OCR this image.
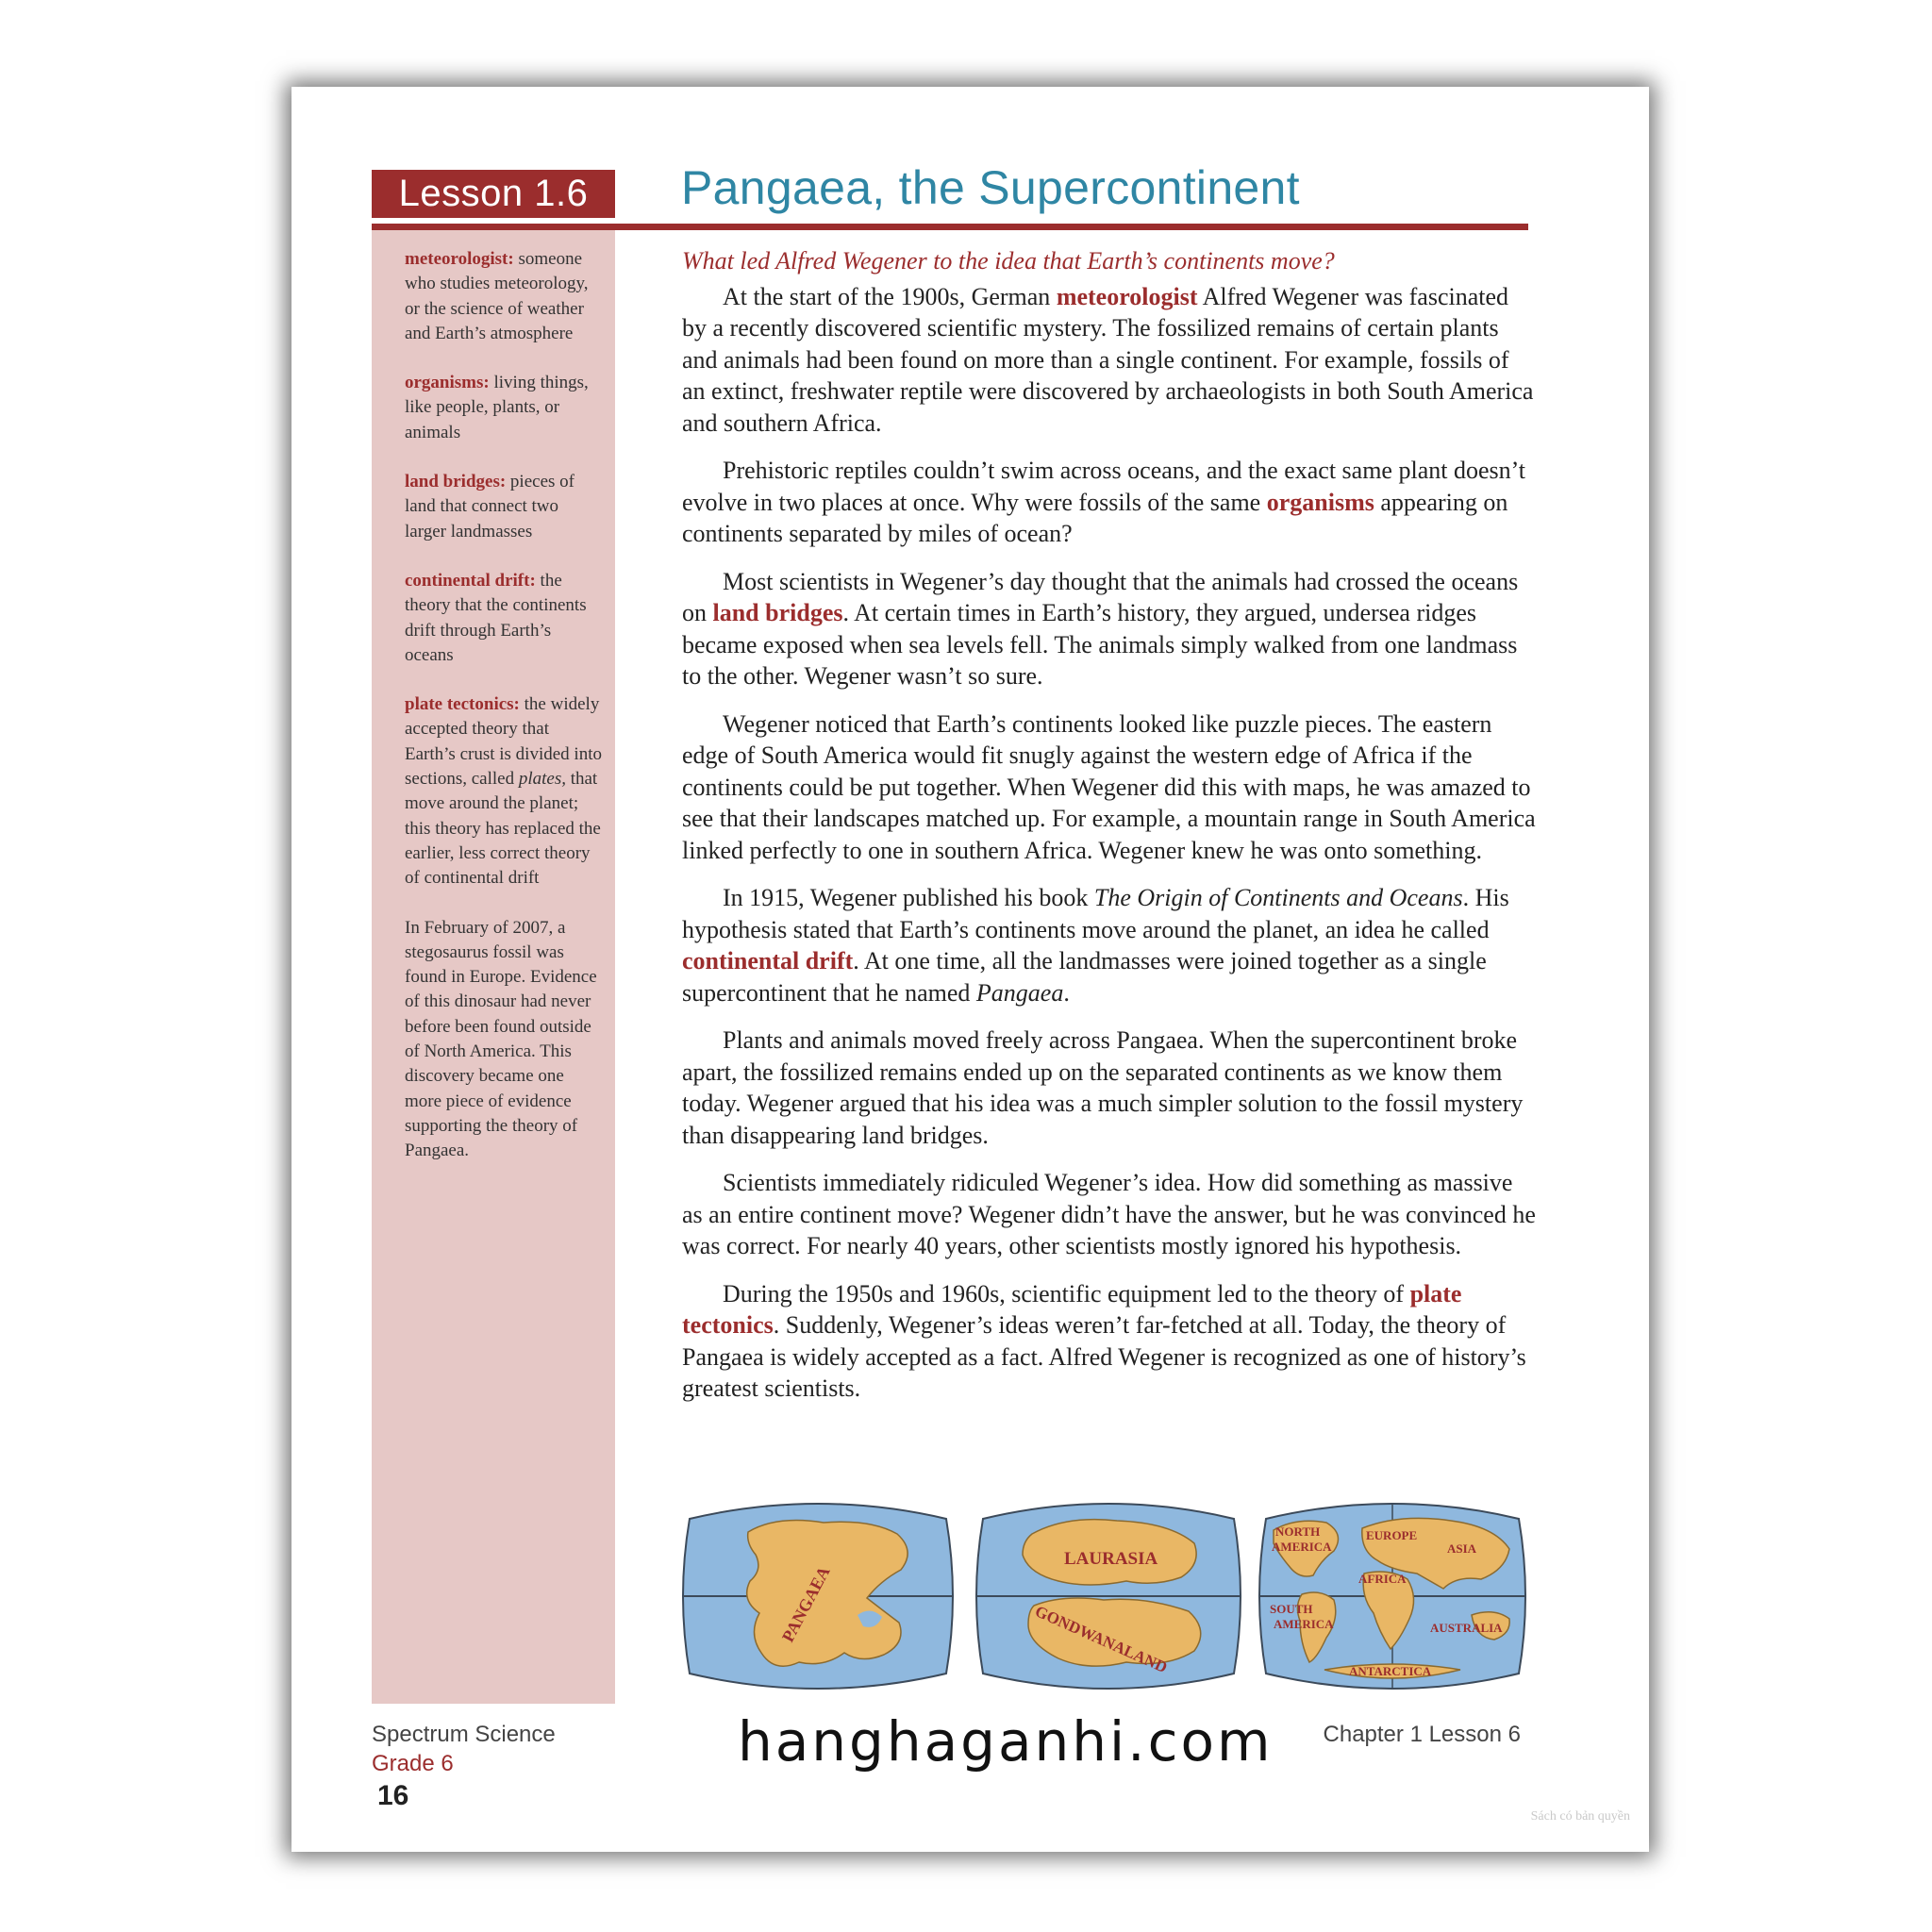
Lesson 1.6	Pangaea, the Supercontinent
meteorologist: someone who studies meteorology, or the science of weather and Earth’s atmosphere
organisms: living things, like people, plants, or animals
land bridges: pieces of land that connect two larger landmasses
continental drift: the theory that the continents drift through Earth’s oceans
plate tectonics: the widely accepted theory that Earth’s crust is divided into sections, called plates, that move around the planet; this theory has replaced the earlier, less correct theory of continental drift
In February of 2007, a stegosaurus fossil was found in Europe. Evidence of this dinosaur had never before been found outside of North America. This discovery became one more piece of evidence supporting the theory of Pangaea.
What led Alfred Wegener to the idea that Earth’s continents move?

At the start of the 1900s, German meteorologist Alfred Wegener was fascinated by a recently discovered scientific mystery. The fossilized remains of certain plants and animals had been found on more than a single continent. For example, fossils of an extinct, freshwater reptile were discovered by archaeologists in both South America and southern Africa.

Prehistoric reptiles couldn’t swim across oceans, and the exact same plant doesn’t evolve in two places at once. Why were fossils of the same organisms appearing on continents separated by miles of ocean?

Most scientists in Wegener’s day thought that the animals had crossed the oceans on land bridges. At certain times in Earth’s history, they argued, undersea ridges became exposed when sea levels fell. The animals simply walked from one landmass to the other. Wegener wasn’t so sure.

Wegener noticed that Earth’s continents looked like puzzle pieces. The eastern edge of South America would fit snugly against the western edge of Africa if the continents could be put together. When Wegener did this with maps, he was amazed to see that their landscapes matched up. For example, a mountain range in South America linked perfectly to one in southern Africa. Wegener knew he was onto something.

In 1915, Wegener published his book The Origin of Continents and Oceans. His hypothesis stated that Earth’s continents move around the planet, an idea he called continental drift. At one time, all the landmasses were joined together as a single supercontinent that he named Pangaea.

Plants and animals moved freely across Pangaea. When the supercontinent broke apart, the fossilized remains ended up on the separated continents as we know them today. Wegener argued that his idea was a much simpler solution to the fossil mystery than disappearing land bridges.

Scientists immediately ridiculed Wegener’s idea. How did something as massive as an entire continent move? Wegener didn’t have the answer, but he was convinced he was correct. For nearly 40 years, other scientists mostly ignored his hypothesis.

During the 1950s and 1960s, scientific equipment led to the theory of plate tectonics. Suddenly, Wegener’s ideas weren’t far-fetched at all. Today, the theory of Pangaea is widely accepted as a fact. Alfred Wegener is recognized as one of history’s greatest scientists.

PANGAEA
LAURASIA
GONDWANALAND
NORTH
AMERICA
EUROPE
ASIA
AFRICA
SOUTH
AMERICA	AUSTRALIA
ANTARCTICA
Spectrum Science
Grade 6
16
Chapter 1 Lesson 6
hanghaganhi.com
Sách có bản quyền
